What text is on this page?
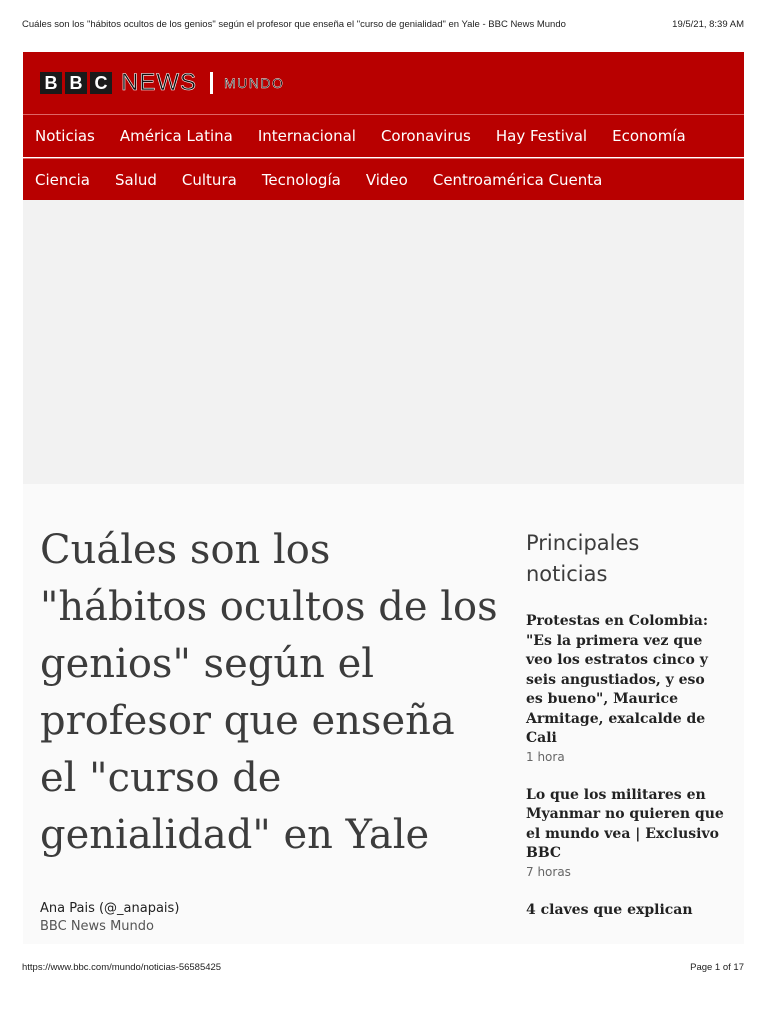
Cuáles son los "hábitos ocultos de los genios" según el profesor que enseña el "curso de genialidad" en Yale - BBC News Mundo	19/5/21, 8:39 AM
B B C NEWS MUNDO
Noticias América Latina Internacional Coronavirus Hay Festival Economía
Ciencia Salud Cultura Tecnología Video Centroamérica Cuenta
Cuáles son los "hábitos ocultos de los genios" según el profesor que enseña el "curso de genialidad" en Yale
Ana Pais (@_anapais)
BBC News Mundo
Principales noticias
Protestas en Colombia: "Es la primera vez que veo los estratos cinco y seis angustiados, y eso es bueno", Maurice Armitage, exalcalde de Cali
1 hora
Lo que los militares en Myanmar no quieren que el mundo vea | Exclusivo BBC
7 horas
4 claves que explican
https://www.bbc.com/mundo/noticias-56585425	Page 1 of 17
